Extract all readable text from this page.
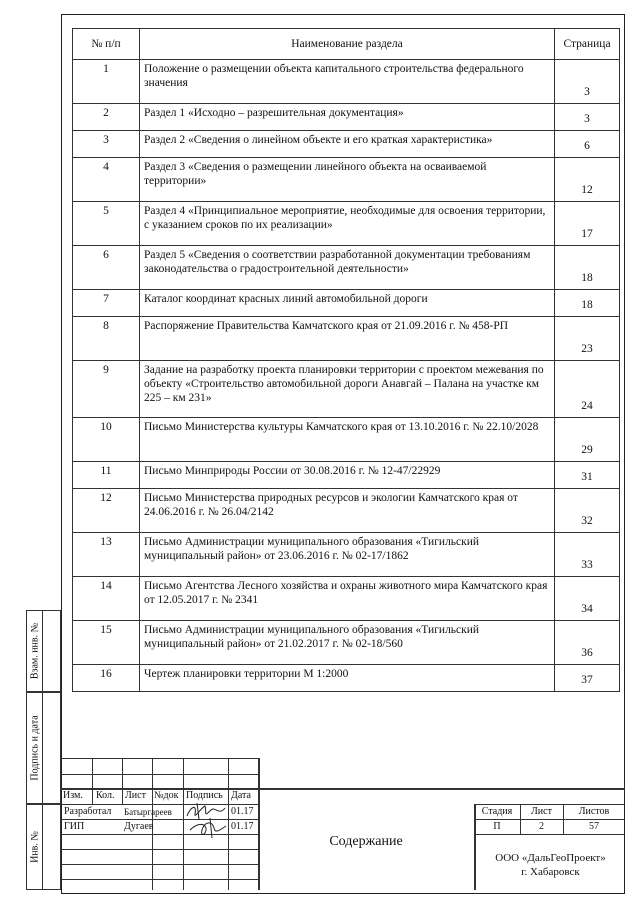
№ п/п	Наименование раздела	Страница
1	Положение о размещении объекта капитального строительства федерального значения	3
2	Раздел 1 «Исходно – разрешительная документация»	3
3	Раздел 2 «Сведения о линейном объекте и его краткая характеристика»	6
4	Раздел 3 «Сведения о размещении линейного объекта на осваиваемой территории»	12
5	Раздел 4 «Принципиальное мероприятие, необходимые для освоения территории, с указанием сроков по их реализации»	17
6	Раздел 5 «Сведения о соответствии разработанной документации требованиям законодательства о градостроительной деятельности»	18
7	Каталог координат красных линий автомобильной дороги	18
8	Распоряжение Правительства Камчатского края от 21.09.2016 г. № 458-РП	23
9	Задание на разработку проекта планировки территории с проектом межевания по объекту «Строительство автомобильной дороги Анавгай – Палана на участке км 225 – км 231»	24
10	Письмо Министерства культуры Камчатского края от 13.10.2016 г. № 22.10/2028	29
11	Письмо Минприроды России от 30.08.2016 г. № 12-47/22929	31
12	Письмо Министерства природных ресурсов и экологии Камчатского края от 24.06.2016 г. № 26.04/2142	32
13	Письмо Администрации муниципального образования «Тигильский муниципальный район» от 23.06.2016 г. № 02-17/1862	33
14	Письмо Агентства Лесного хозяйства и охраны животного мира Камчатского края от 12.05.2017 г. № 2341	34
15	Письмо Администрации муниципального образования «Тигильский муниципальный район» от 21.02.2017 г. № 02-18/560	36
16	Чертеж планировки территории М 1:2000	37
Взам. инв. №
Подпись и дата
Инв. №
Изм. Кол. Лист №док Подпись Дата
Разработал Батыргареев	01.17
ГИП	Дугаев	01.17
Содержание
Стадия	Лист	Листов
П	2	57
ООО «ДальГеоПроект»
г. Хабаровск
